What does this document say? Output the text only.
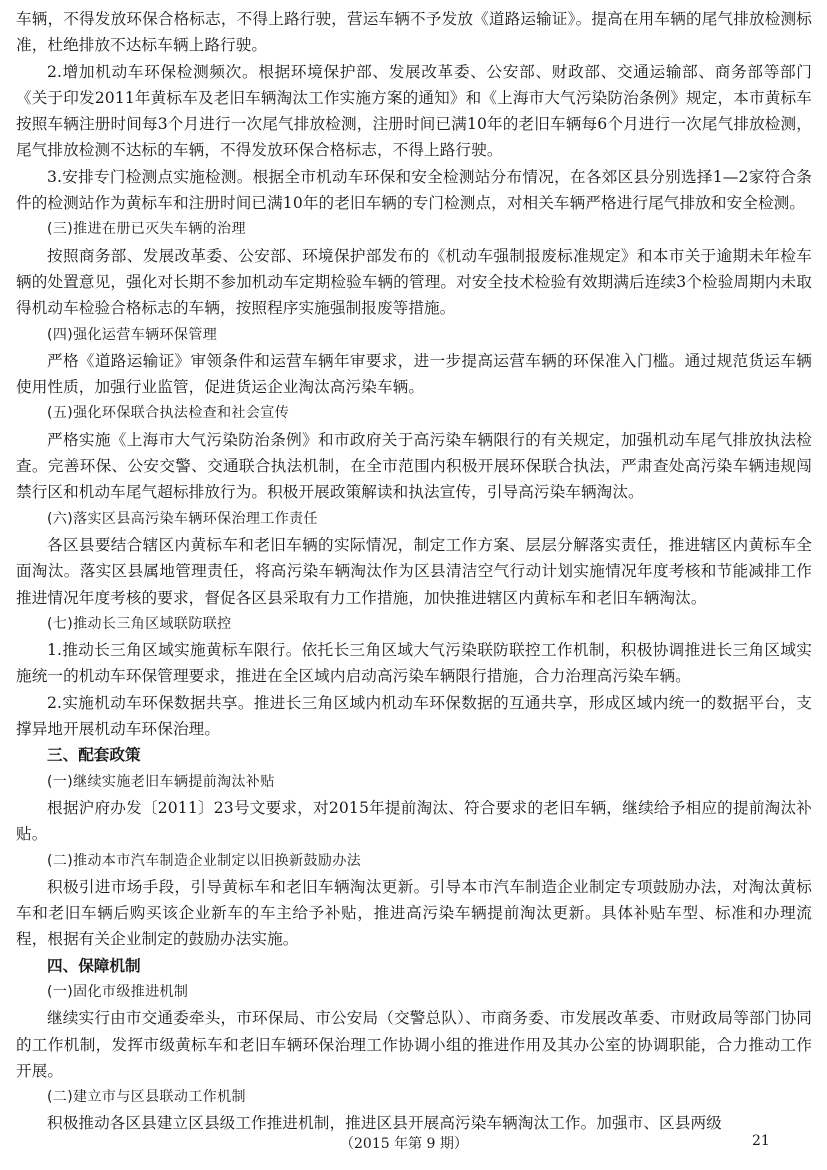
车辆，不得发放环保合格标志，不得上路行驶，营运车辆不予发放《道路运输证》。提高在用车辆的尾气排放检测标准，杜绝排放不达标车辆上路行驶。

2.增加机动车环保检测频次。根据环境保护部、发展改革委、公安部、财政部、交通运输部、商务部等部门《关于印发2011年黄标车及老旧车辆淘汰工作实施方案的通知》和《上海市大气污染防治条例》规定，本市黄标车按照车辆注册时间每3个月进行一次尾气排放检测，注册时间已满10年的老旧车辆每6个月进行一次尾气排放检测，尾气排放检测不达标的车辆，不得发放环保合格标志，不得上路行驶。

3.安排专门检测点实施检测。根据全市机动车环保和安全检测站分布情况，在各郊区县分别选择1—2家符合条件的检测站作为黄标车和注册时间已满10年的老旧车辆的专门检测点，对相关车辆严格进行尾气排放和安全检测。

(三)推进在册已灭失车辆的治理

按照商务部、发展改革委、公安部、环境保护部发布的《机动车强制报废标准规定》和本市关于逾期未年检车辆的处置意见，强化对长期不参加机动车定期检验车辆的管理。对安全技术检验有效期满后连续3个检验周期内未取得机动车检验合格标志的车辆，按照程序实施强制报废等措施。

(四)强化运营车辆环保管理

严格《道路运输证》审领条件和运营车辆年审要求，进一步提高运营车辆的环保准入门槛。通过规范货运车辆使用性质，加强行业监管，促进货运企业淘汰高污染车辆。

(五)强化环保联合执法检查和社会宣传

严格实施《上海市大气污染防治条例》和市政府关于高污染车辆限行的有关规定，加强机动车尾气排放执法检查。完善环保、公安交警、交通联合执法机制，在全市范围内积极开展环保联合执法，严肃查处高污染车辆违规闯禁行区和机动车尾气超标排放行为。积极开展政策解读和执法宣传，引导高污染车辆淘汰。

(六)落实区县高污染车辆环保治理工作责任

各区县要结合辖区内黄标车和老旧车辆的实际情况，制定工作方案、层层分解落实责任，推进辖区内黄标车全面淘汰。落实区县属地管理责任，将高污染车辆淘汰作为区县清洁空气行动计划实施情况年度考核和节能减排工作推进情况年度考核的要求，督促各区县采取有力工作措施，加快推进辖区内黄标车和老旧车辆淘汰。

(七)推动长三角区域联防联控

1.推动长三角区域实施黄标车限行。依托长三角区域大气污染联防联控工作机制，积极协调推进长三角区域实施统一的机动车环保管理要求，推进在全区域内启动高污染车辆限行措施，合力治理高污染车辆。

2.实施机动车环保数据共享。推进长三角区域内机动车环保数据的互通共享，形成区域内统一的数据平台，支撑异地开展机动车环保治理。

三、配套政策
(一)继续实施老旧车辆提前淘汰补贴

根据沪府办发〔2011〕23号文要求，对2015年提前淘汰、符合要求的老旧车辆，继续给予相应的提前淘汰补贴。

(二)推动本市汽车制造企业制定以旧换新鼓励办法

积极引进市场手段，引导黄标车和老旧车辆淘汰更新。引导本市汽车制造企业制定专项鼓励办法，对淘汰黄标车和老旧车辆后购买该企业新车的车主给予补贴，推进高污染车辆提前淘汰更新。具体补贴车型、标准和办理流程，根据有关企业制定的鼓励办法实施。

四、保障机制
(一)固化市级推进机制

继续实行由市交通委牵头，市环保局、市公安局（交警总队）、市商务委、市发展改革委、市财政局等部门协同的工作机制，发挥市级黄标车和老旧车辆环保治理工作协调小组的推进作用及其办公室的协调职能，合力推动工作开展。

(二)建立市与区县联动工作机制

积极推动各区县建立区县级工作推进机制，推进区县开展高污染车辆淘汰工作。加强市、区县两级

（2015 年第 9 期）	21
